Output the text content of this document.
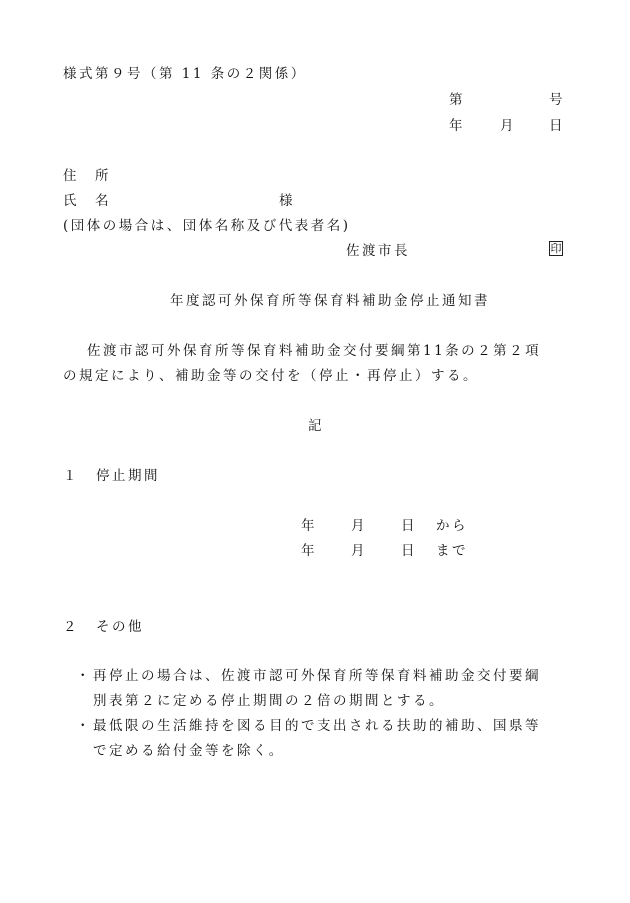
様式第９号（第 11 条の２関係）
第	号
年	月 日
住　所
氏　名	様
(団体の場合は、団体名称及び代表者名)
佐渡市長	印
年度認可外保育所等保育料補助金停止通知書
佐渡市認可外保育所等保育料補助金交付要綱第11条の２第２項
の規定により、補助金等の交付を（停止・再停止）する。
記
１ 停止期間
年	月	日 から
年	月	日 まで
２ その他
・ 再停止の場合は、佐渡市認可外保育所等保育料補助金交付要綱
別表第２に定める停止期間の２倍の期間とする。
・ 最低限の生活維持を図る目的で支出される扶助的補助、国県等
で定める給付金等を除く。
